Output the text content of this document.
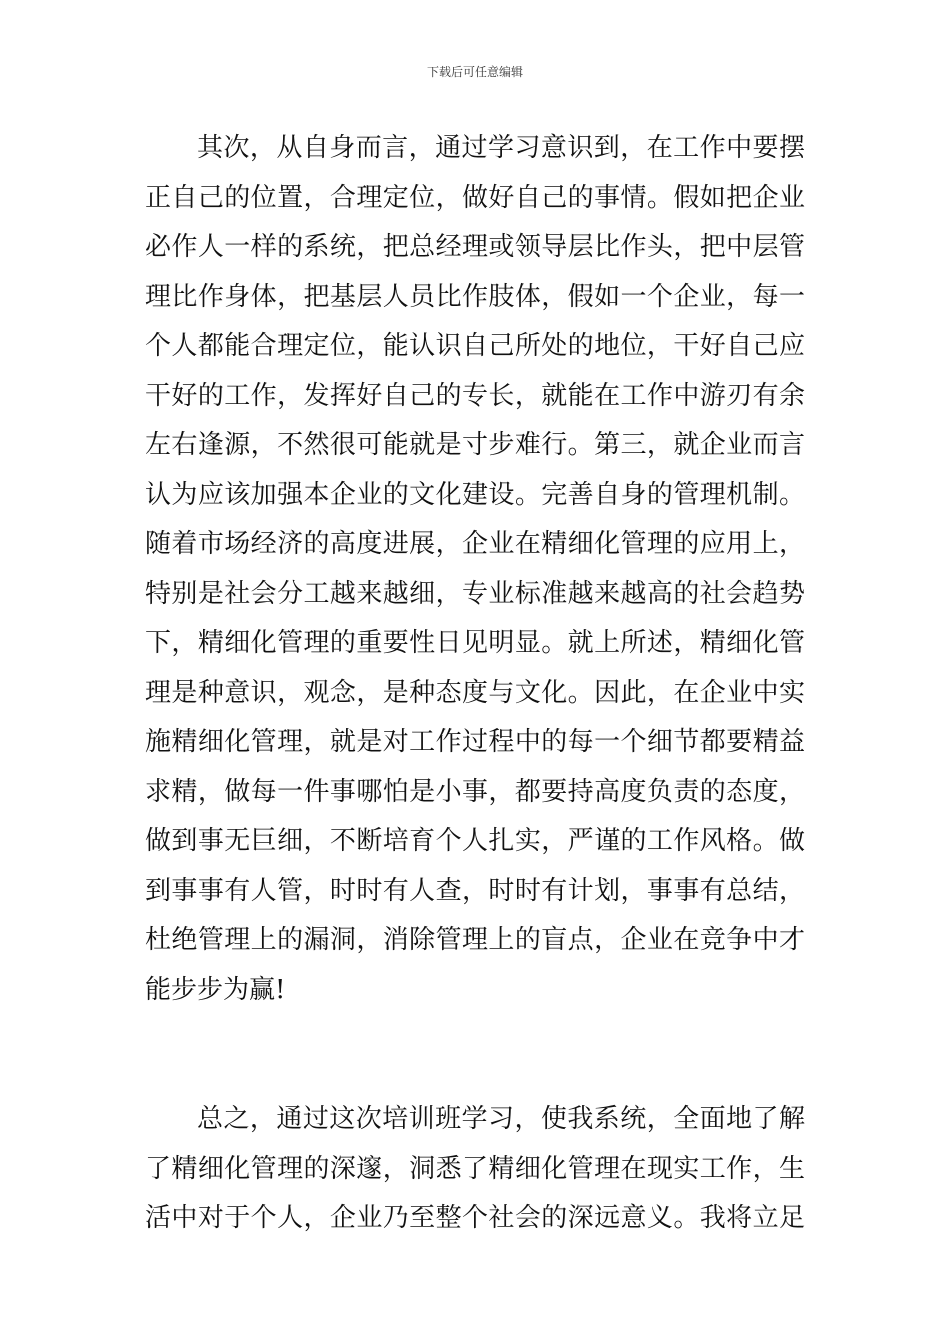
下载后可任意编辑
其次，从自身而言，通过学习意识到，在工作中要摆
正自己的位置，合理定位，做好自己的事情。假如把企业
必作人一样的系统，把总经理或领导层比作头，把中层管
理比作身体，把基层人员比作肢体，假如一个企业，每一
个人都能合理定位，能认识自己所处的地位，干好自己应
干好的工作，发挥好自己的专长，就能在工作中游刃有余
左右逢源，不然很可能就是寸步难行。第三，就企业而言
认为应该加强本企业的文化建设。完善自身的管理机制。
随着市场经济的高度进展，企业在精细化管理的应用上，
特别是社会分工越来越细，专业标准越来越高的社会趋势
下，精细化管理的重要性日见明显。就上所述，精细化管
理是种意识，观念，是种态度与文化。因此，在企业中实
施精细化管理，就是对工作过程中的每一个细节都要精益
求精，做每一件事哪怕是小事，都要持高度负责的态度，
做到事无巨细，不断培育个人扎实，严谨的工作风格。做
到事事有人管，时时有人查，时时有计划，事事有总结，
杜绝管理上的漏洞，消除管理上的盲点，企业在竞争中才
能步步为赢!
总之，通过这次培训班学习，使我系统，全面地了解
了精细化管理的深邃，洞悉了精细化管理在现实工作，生
活中对于个人，企业乃至整个社会的深远意义。我将立足
